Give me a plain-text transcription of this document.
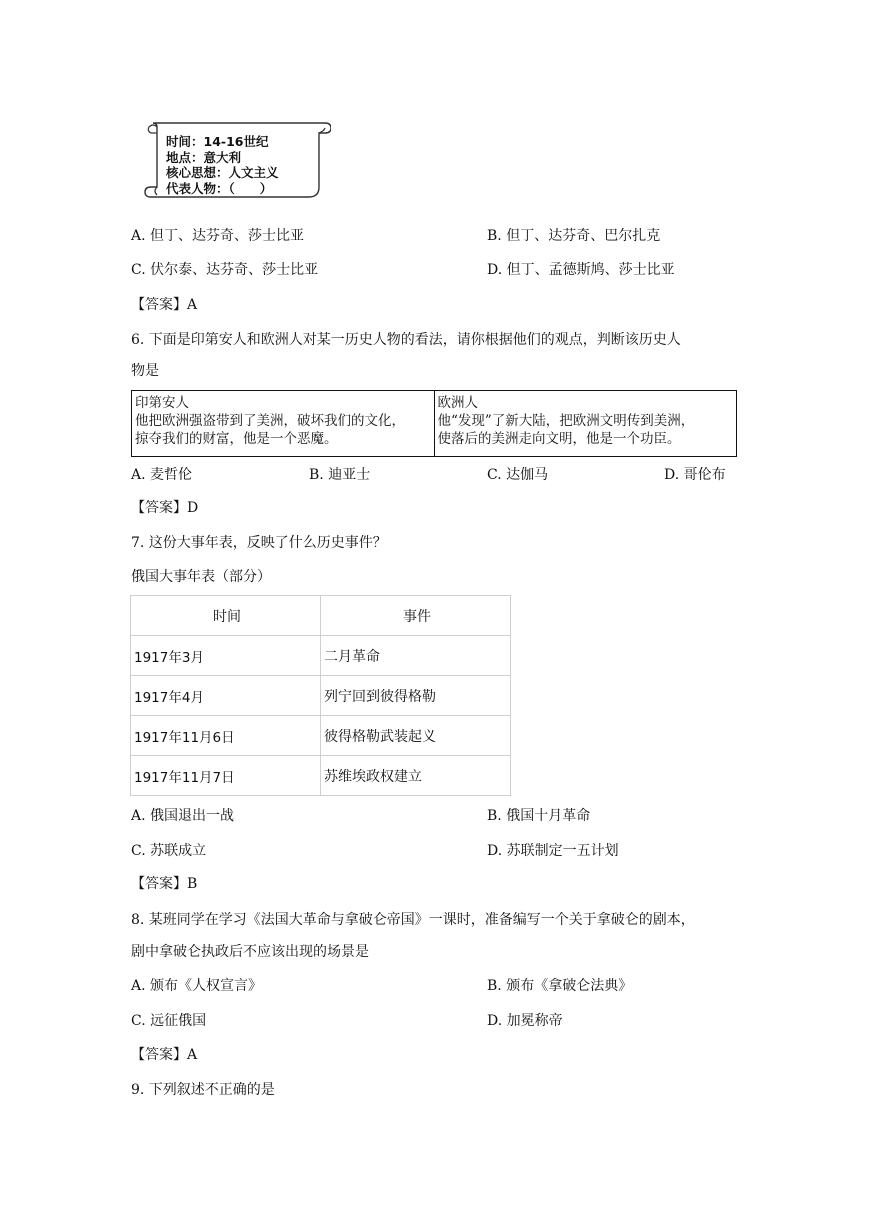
时间：14-16世纪
地点：意大利
核心思想：人文主义
代表人物：（　　）
A. 但丁、达芬奇、莎士比亚	B. 但丁、达芬奇、巴尔扎克
C. 伏尔泰、达芬奇、莎士比亚	D. 但丁、孟德斯鸠、莎士比亚
【答案】A
6. 下面是印第安人和欧洲人对某一历史人物的看法，请你根据他们的观点，判断该历史人
物是
印第安人
他把欧洲强盗带到了美洲，破坏我们的文化，
掠夺我们的财富，他是一个恶魔。
欧洲人
他“发现”了新大陆，把欧洲文明传到美洲，
使落后的美洲走向文明，他是一个功臣。
A. 麦哲伦	B. 迪亚士	C. 达伽马	D. 哥伦布
【答案】D
7. 这份大事年表，反映了什么历史事件？
俄国大事年表（部分）
时间	事件
1917年3月	二月革命
1917年4月	列宁回到彼得格勒
1917年11月6日	彼得格勒武装起义
1917年11月7日	苏维埃政权建立
A. 俄国退出一战	B. 俄国十月革命
C. 苏联成立	D. 苏联制定一五计划
【答案】B
8. 某班同学在学习《法国大革命与拿破仑帝国》一课时，准备编写一个关于拿破仑的剧本，
剧中拿破仑执政后不应该出现的场景是
A. 颁布《人权宣言》	B. 颁布《拿破仑法典》
C. 远征俄国	D. 加冕称帝
【答案】A
9. 下列叙述不正确的是
